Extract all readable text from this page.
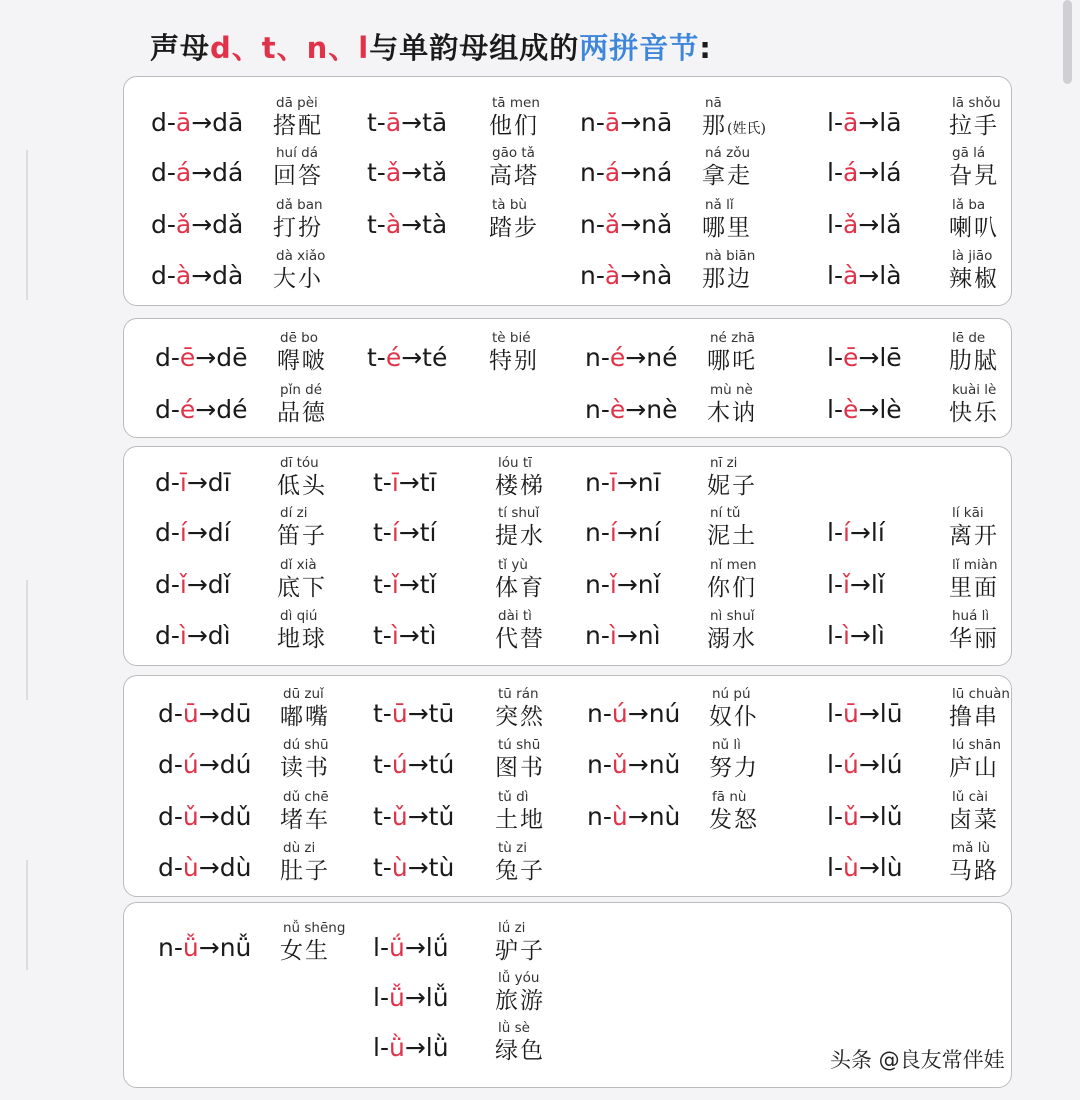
声母d、t、n、l与单韵母组成的两拼音节:
头条 @良友常伴娃
d-ā→dā
dā pèi
搭配
d-á→dá
huí dá
回答
d-ǎ→dǎ
dǎ ban
打扮
d-à→dà
dà xiǎo
大小
t-ā→tā
tā men
他们
t-ǎ→tǎ
gāo tǎ
高塔
t-à→tà
tà bù
踏步
n-ā→nā
nā
那(姓氏)
n-á→ná
ná zǒu
拿走
n-ǎ→nǎ
nǎ lǐ
哪里
n-à→nà
nà biān
那边
l-ā→lā
lā shǒu
拉手
l-á→lá
gā lá
旮旯
l-ǎ→lǎ
lǎ ba
喇叭
l-à→là
là jiāo
辣椒
d-ē→dē
dē bo
嘚啵
d-é→dé
pǐn dé
品德
t-é→té
tè bié
特别 n-é→né
né zhā
哪吒
n-è→nè
mù nè
木讷
l-ē→lē
lē de
肋脦
l-è→lè
kuài lè
快乐
d-ī→dī
dī tóu
低头
d-í→dí
dí zi
笛子
d-ǐ→dǐ
dǐ xià
底下
d-ì→dì
dì qiú
地球
t-ī→tī
lóu tī
楼梯
t-í→tí
tí shuǐ
提水
t-ǐ→tǐ
tǐ yù
体育
t-ì→tì
dài tì
代替
n-ī→nī
nī zi
妮子
n-í→ní
ní tǔ
泥土
n-ǐ→nǐ
nǐ men
你们
n-ì→nì
nì shuǐ
溺水
l-í→lí
lí kāi
离开
l-ǐ→lǐ
lǐ miàn
里面
l-ì→lì
huá lì
华丽
d-ū→dū
dū zuǐ
嘟嘴
d-ú→dú
dú shū
读书
d-ǔ→dǔ
dǔ chē
堵车
d-ù→dù
dù zi
肚子
t-ū→tū
tū rán
突然
t-ú→tú
tú shū
图书
t-ǔ→tǔ
tǔ dì
土地
t-ù→tù
tù zi
兔子
n-ú→nú
nú pú
奴仆
n-ǔ→nǔ
nǔ lì
努力
n-ù→nù
fā nù
发怒
l-ū→lū
lū chuàn
撸串
l-ú→lú
lú shān
庐山
l-ǔ→lǔ
lǔ cài
卤菜
l-ù→lù
mǎ lù
马路
n-ǚ→nǚ
nǚ shēng
女生	l-ǘ→lǘ
lǘ zi
驴子
l-ǚ→lǚ
lǚ yóu
旅游
l-ǜ→lǜ
lǜ sè
绿色
